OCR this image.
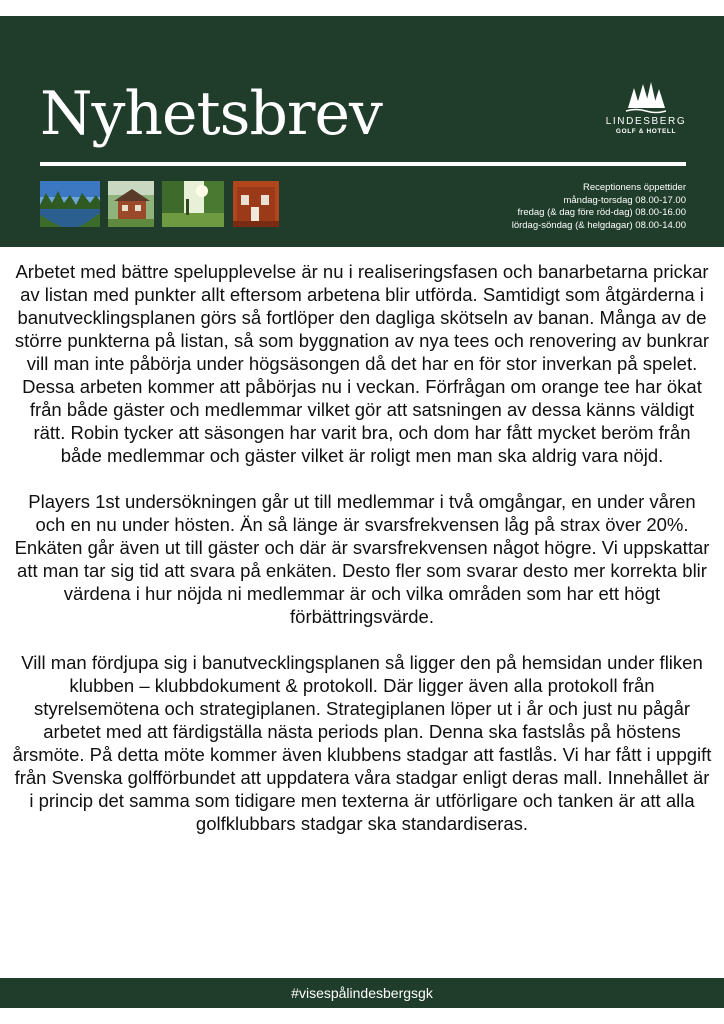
Nyhetsbrev	LINDESBERG
GOLF & HOTELL
Receptionens öppettider
måndag-torsdag 08.00-17.00
fredag (& dag före röd-dag) 08.00-16.00
lördag-söndag (& helgdagar) 08.00-14.00

Arbetet med bättre spelupplevelse är nu i realiseringsfasen och banarbetarna prickar av listan med punkter allt eftersom arbetena blir utförda. Samtidigt som åtgärderna i banutvecklingsplanen görs så fortlöper den dagliga skötseln av banan. Många av de större punkterna på listan, så som byggnation av nya tees och renovering av bunkrar vill man inte påbörja under högsäsongen då det har en för stor inverkan på spelet. Dessa arbeten kommer att påbörjas nu i veckan. Förfrågan om orange tee har ökat från både gäster och medlemmar vilket gör att satsningen av dessa känns väldigt rätt. Robin tycker att säsongen har varit bra, och dom har fått mycket beröm från både medlemmar och gäster vilket är roligt men man ska aldrig vara nöjd.

Players 1st undersökningen går ut till medlemmar i två omgångar, en under våren och en nu under hösten. Än så länge är svarsfrekvensen låg på strax över 20%. Enkäten går även ut till gäster och där är svarsfrekvensen något högre. Vi uppskattar att man tar sig tid att svara på enkäten. Desto fler som svarar desto mer korrekta blir värdena i hur nöjda ni medlemmar är och vilka områden som har ett högt förbättringsvärde.

Vill man fördjupa sig i banutvecklingsplanen så ligger den på hemsidan under fliken klubben – klubbdokument & protokoll. Där ligger även alla protokoll från styrelsemötena och strategiplanen. Strategiplanen löper ut i år och just nu pågår arbetet med att färdigställa nästa periods plan. Denna ska fastslås på höstens årsmöte. På detta möte kommer även klubbens stadgar att fastlås. Vi har fått i uppgift från Svenska golfförbundet att uppdatera våra stadgar enligt deras mall. Innehållet är i princip det samma som tidigare men texterna är utförligare och tanken är att alla golfklubbars stadgar ska standardiseras.

#visespålindesbergsgk
